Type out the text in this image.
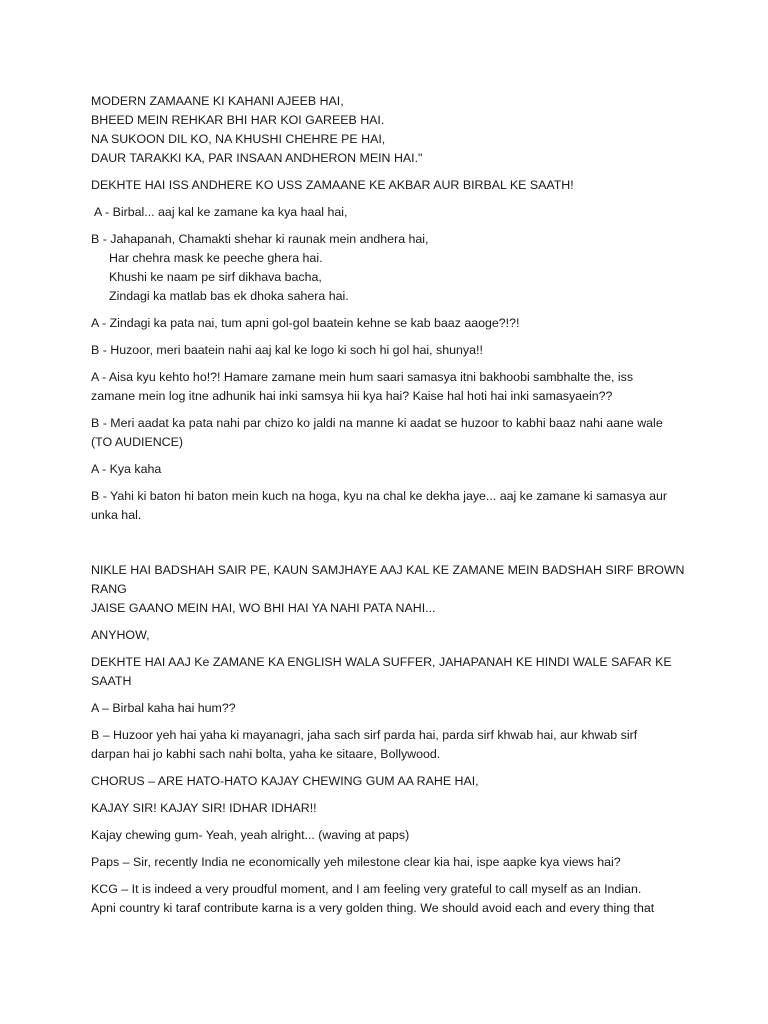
MODERN ZAMAANE KI KAHANI AJEEB HAI,
BHEED MEIN REHKAR BHI HAR KOI GAREEB HAI.
NA SUKOON DIL KO, NA KHUSHI CHEHRE PE HAI,
DAUR TARAKKI KA, PAR INSAAN ANDHERON MEIN HAI."

DEKHTE HAI ISS ANDHERE KO USS ZAMAANE KE AKBAR AUR BIRBAL KE SAATH!

A - Birbal... aaj kal ke zamane ka kya haal hai,

B - Jahapanah, Chamakti shehar ki raunak mein andhera hai,
Har chehra mask ke peeche ghera hai.
Khushi ke naam pe sirf dikhava bacha,
Zindagi ka matlab bas ek dhoka sahera hai.

A - Zindagi ka pata nai, tum apni gol-gol baatein kehne se kab baaz aaoge?!?!

B - Huzoor, meri baatein nahi aaj kal ke logo ki soch hi gol hai, shunya!!

A - Aisa kyu kehto ho!?! Hamare zamane mein hum saari samasya itni bakhoobi sambhalte the, iss
zamane mein log itne adhunik hai inki samsya hii kya hai? Kaise hal hoti hai inki samasyaein??

B - Meri aadat ka pata nahi par chizo ko jaldi na manne ki aadat se huzoor to kabhi baaz nahi aane wale
(TO AUDIENCE)

A - Kya kaha

B - Yahi ki baton hi baton mein kuch na hoga, kyu na chal ke dekha jaye... aaj ke zamane ki samasya aur
unka hal.

NIKLE HAI BADSHAH SAIR PE, KAUN SAMJHAYE AAJ KAL KE ZAMANE MEIN BADSHAH SIRF BROWN RANG
JAISE GAANO MEIN HAI, WO BHI HAI YA NAHI PATA NAHI...

ANYHOW,

DEKHTE HAI AAJ Ke ZAMANE KA ENGLISH WALA SUFFER, JAHAPANAH KE HINDI WALE SAFAR KE SAATH

A – Birbal kaha hai hum??

B – Huzoor yeh hai yaha ki mayanagri, jaha sach sirf parda hai, parda sirf khwab hai, aur khwab sirf
darpan hai jo kabhi sach nahi bolta, yaha ke sitaare, Bollywood.

CHORUS – ARE HATO-HATO KAJAY CHEWING GUM AA RAHE HAI,

KAJAY SIR! KAJAY SIR! IDHAR IDHAR!!

Kajay chewing gum- Yeah, yeah alright... (waving at paps)

Paps – Sir, recently India ne economically yeh milestone clear kia hai, ispe aapke kya views hai?

KCG – It is indeed a very proudful moment, and I am feeling very grateful to call myself as an Indian.
Apni country ki taraf contribute karna is a very golden thing. We should avoid each and every thing that
